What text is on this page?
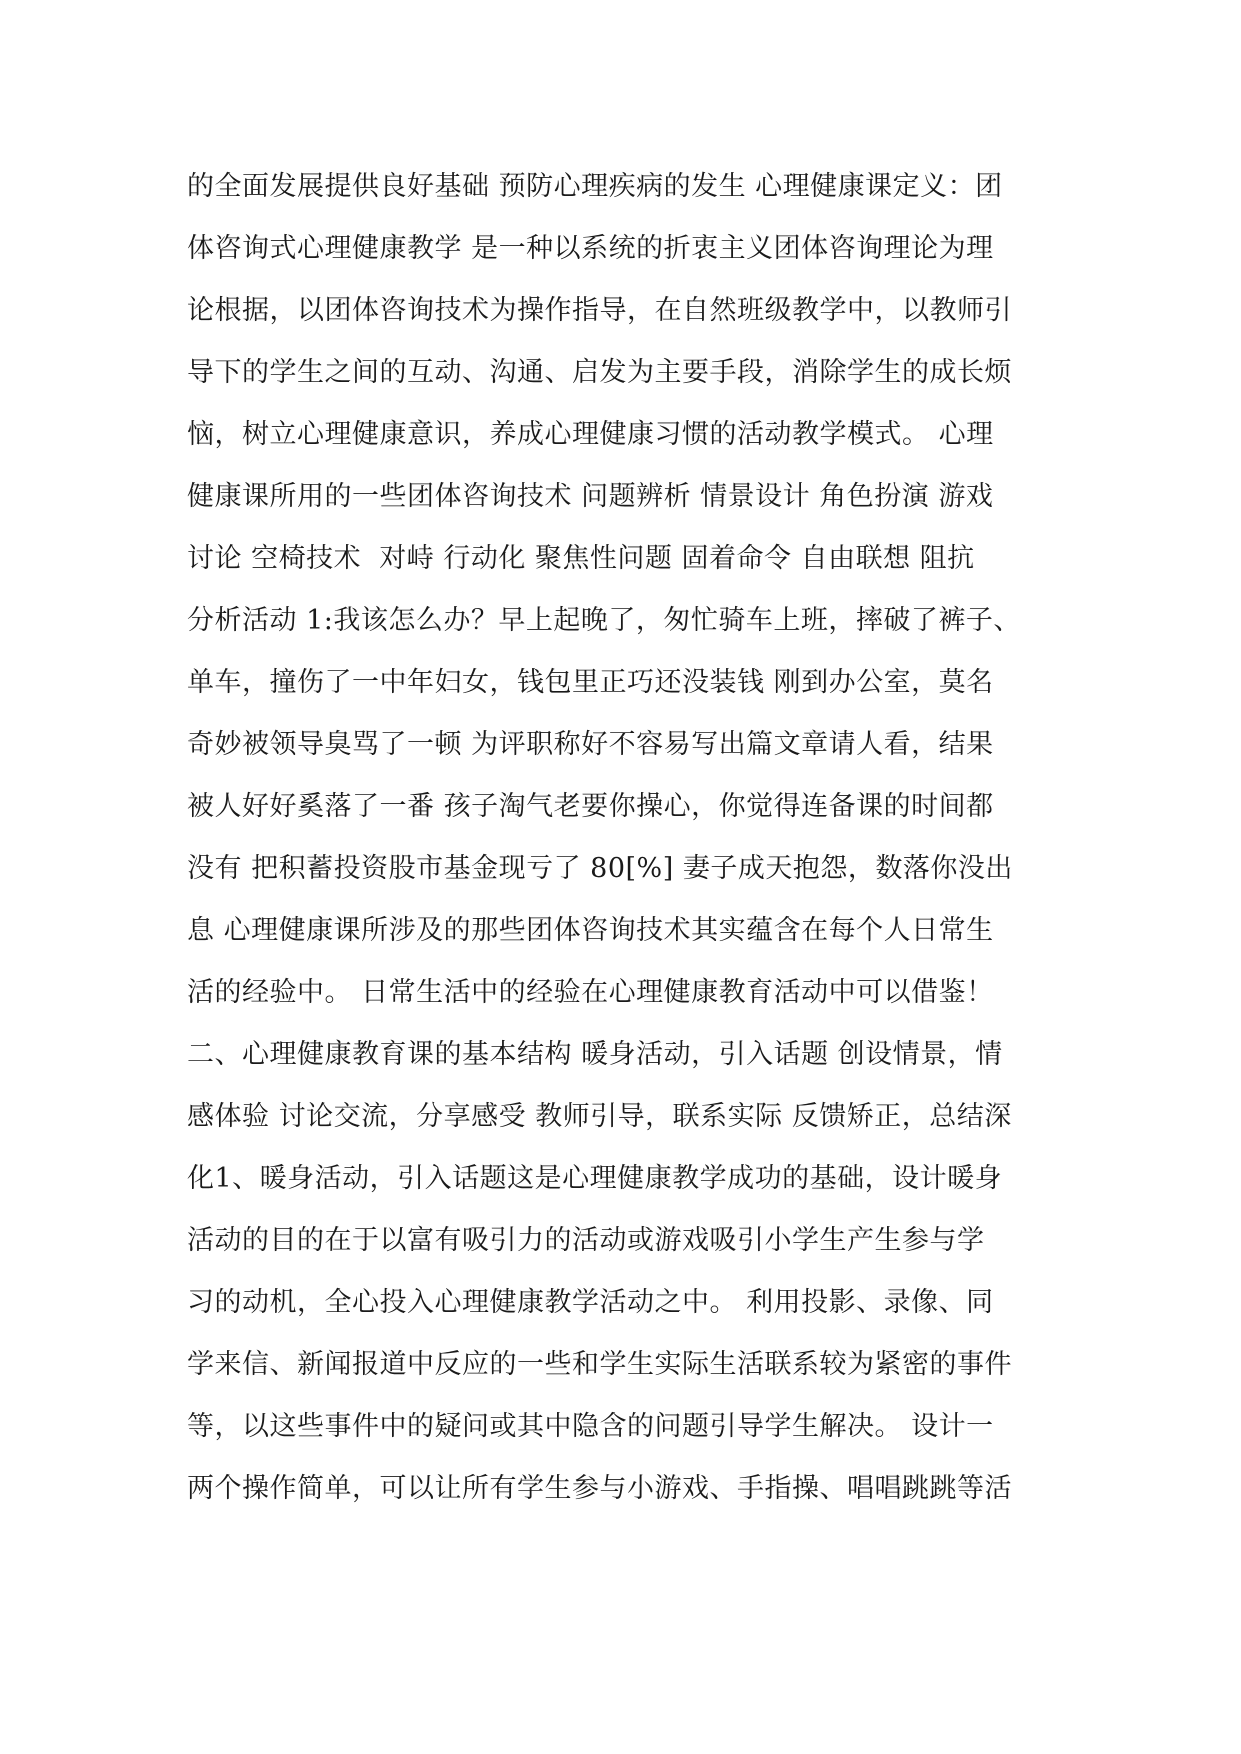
的全面发展提供良好基础 预防心理疾病的发生 心理健康课定义：团
体咨询式心理健康教学 是一种以系统的折衷主义团体咨询理论为理
论根据，以团体咨询技术为操作指导，在自然班级教学中，以教师引
导下的学生之间的互动、沟通、启发为主要手段，消除学生的成长烦
恼，树立心理健康意识，养成心理健康习惯的活动教学模式。 心理
健康课所用的一些团体咨询技术 问题辨析 情景设计 角色扮演 游戏
讨论 空椅技术  对峙 行动化 聚焦性问题 固着命令 自由联想 阻抗
分析活动 1:我该怎么办？早上起晚了，匆忙骑车上班，摔破了裤子、
单车，撞伤了一中年妇女，钱包里正巧还没装钱 刚到办公室，莫名
奇妙被领导臭骂了一顿 为评职称好不容易写出篇文章请人看，结果
被人好好奚落了一番 孩子淘气老要你操心，你觉得连备课的时间都
没有 把积蓄投资股市基金现亏了 80[%] 妻子成天抱怨，数落你没出
息 心理健康课所涉及的那些团体咨询技术其实蕴含在每个人日常生
活的经验中。 日常生活中的经验在心理健康教育活动中可以借鉴！
二、心理健康教育课的基本结构 暖身活动，引入话题 创设情景，情
感体验 讨论交流，分享感受 教师引导，联系实际 反馈矫正，总结深
化1、暖身活动，引入话题这是心理健康教学成功的基础，设计暖身
活动的目的在于以富有吸引力的活动或游戏吸引小学生产生参与学
习的动机，全心投入心理健康教学活动之中。 利用投影、录像、同
学来信、新闻报道中反应的一些和学生实际生活联系较为紧密的事件
等，以这些事件中的疑问或其中隐含的问题引导学生解决。 设计一
两个操作简单，可以让所有学生参与小游戏、手指操、唱唱跳跳等活
